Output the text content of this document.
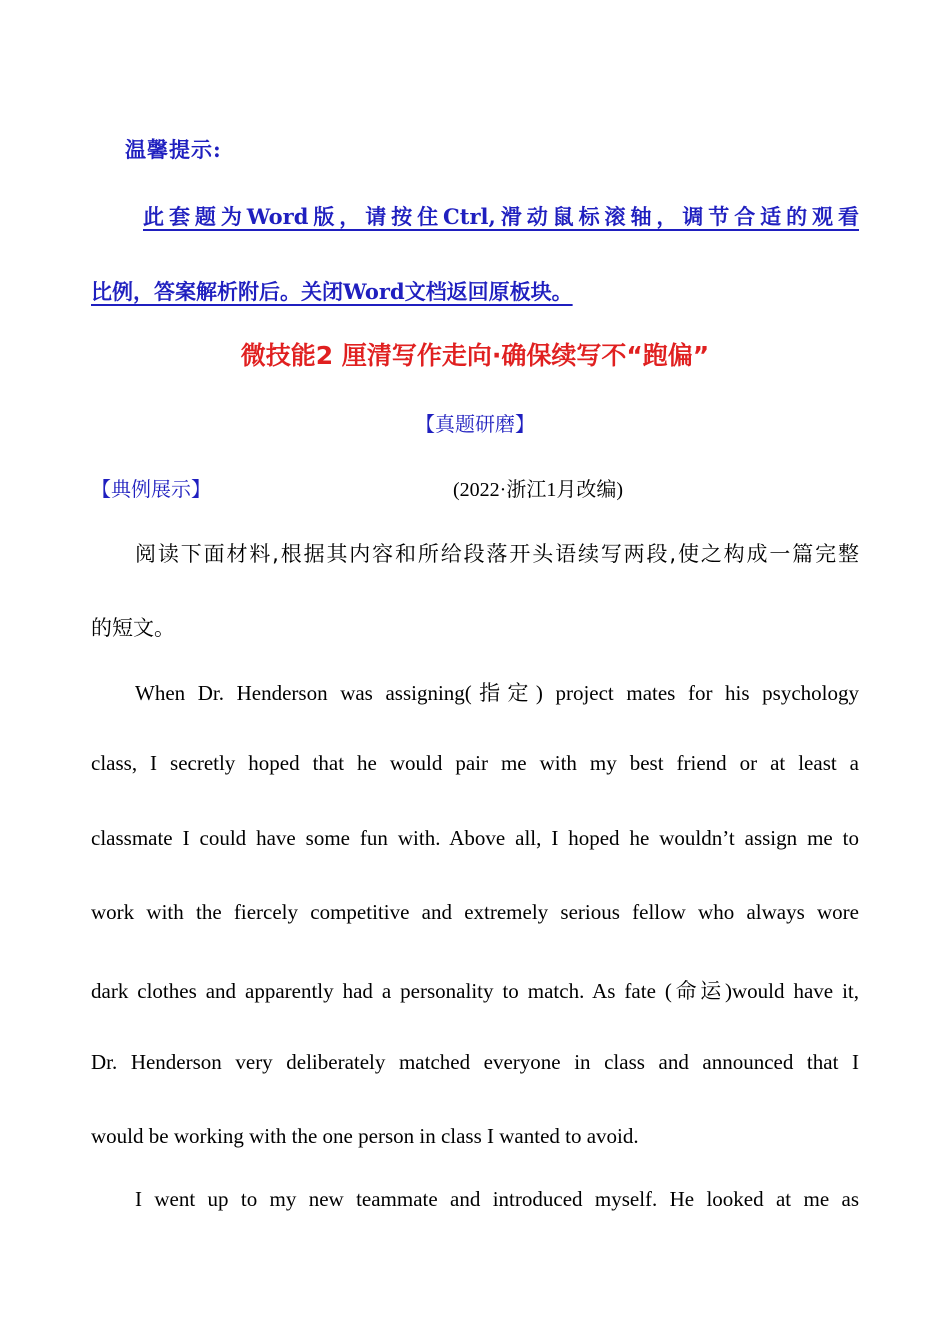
温馨提示:
此套题为Word版，请按住Ctrl,滑动鼠标滚轴，调节合适的观看
比例，答案解析附后。关闭Word文档返回原板块。
微技能2 厘清写作走向·确保续写不“跑偏”
【真题研磨】
【典例展示】	(2022·浙江1月改编)
阅读下面材料,根据其内容和所给段落开头语续写两段,使之构成一篇完整
的短文。
When Dr. Henderson was assigning(指定) project mates for his psychology
class, I secretly hoped that he would pair me with my best friend or at least a
classmate I could have some fun with. Above all, I hoped he wouldn’t assign me to
work with the fiercely competitive and extremely serious fellow who always wore
dark clothes and apparently had a personality to match. As fate (命运)would have it,
Dr. Henderson very deliberately matched everyone in class and announced that I
would be working with the one person in class I wanted to avoid.
I went up to my new teammate and introduced myself. He looked at me as
